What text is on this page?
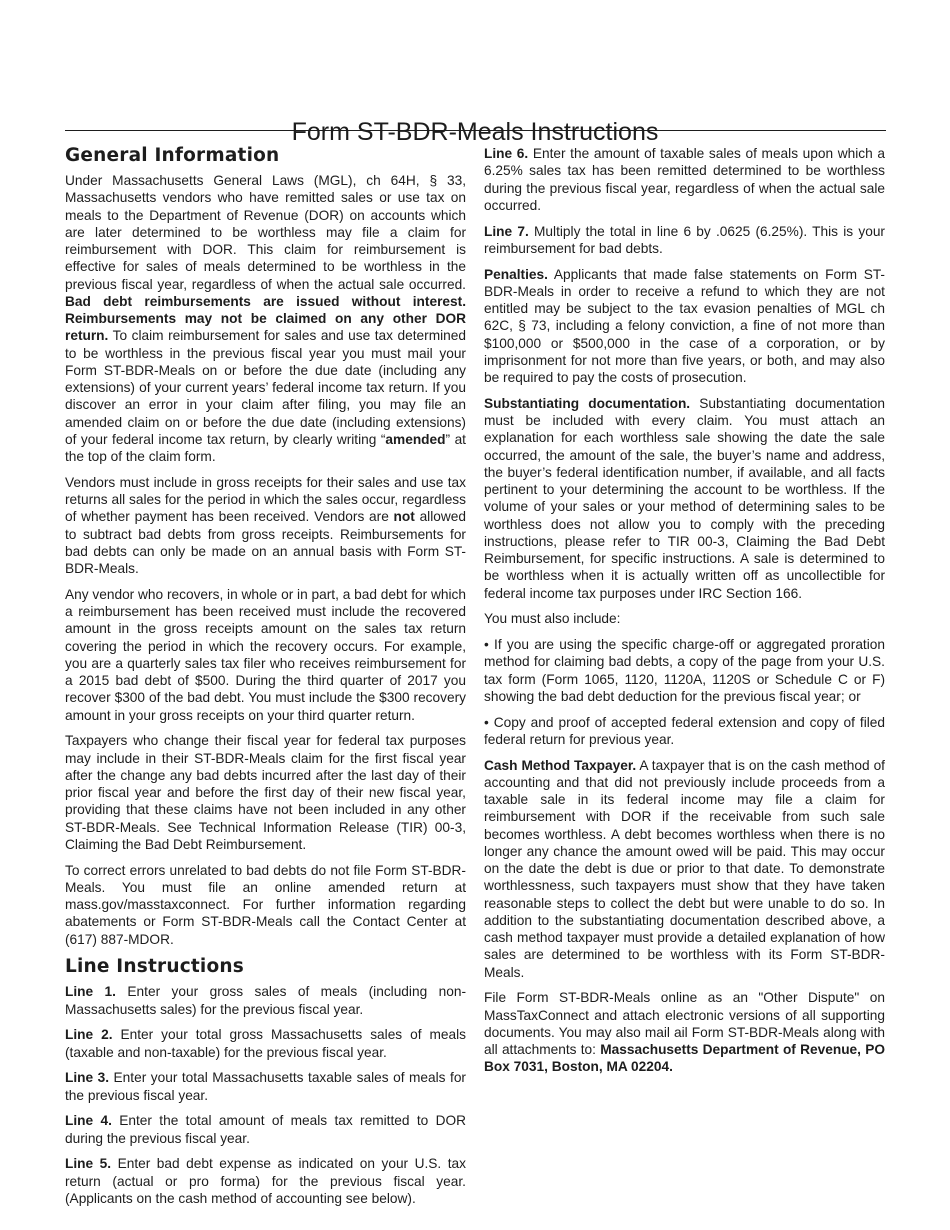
Form ST-BDR-Meals Instructions
General Information

Under Massachusetts General Laws (MGL), ch 64H, § 33, Massachusetts vendors who have remitted sales or use tax on meals to the Department of Revenue (DOR) on accounts which are later determined to be worthless may file a claim for reimbursement with DOR. This claim for reimbursement is effective for sales of meals determined to be worthless in the previous fiscal year, regardless of when the actual sale occurred. Bad debt reimbursements are issued without interest. Reimbursements may not be claimed on any other DOR return. To claim reimbursement for sales and use tax determined to be worthless in the previous fiscal year you must mail your Form ST-BDR-Meals on or before the due date (including any extensions) of your current years’ federal income tax return. If you discover an error in your claim after filing, you may file an amended claim on or before the due date (including extensions) of your federal income tax return, by clearly writing “amended” at the top of the claim form.

Vendors must include in gross receipts for their sales and use tax returns all sales for the period in which the sales occur, regardless of whether payment has been received. Vendors are not allowed to subtract bad debts from gross receipts. Reimbursements for bad debts can only be made on an annual basis with Form ST-BDR-Meals.

Any vendor who recovers, in whole or in part, a bad debt for which a reimbursement has been received must include the recovered amount in the gross receipts amount on the sales tax return covering the period in which the recovery occurs. For example, you are a quarterly sales tax filer who receives reimbursement for a 2015 bad debt of $500. During the third quarter of 2017 you recover $300 of the bad debt. You must include the $300 recovery amount in your gross receipts on your third quarter return.

Taxpayers who change their fiscal year for federal tax purposes may include in their ST-BDR-Meals claim for the first fiscal year after the change any bad debts incurred after the last day of their prior fiscal year and before the first day of their new fiscal year, providing that these claims have not been included in any other ST-BDR-Meals. See Technical Information Release (TIR) 00-3, Claiming the Bad Debt Reimbursement.

To correct errors unrelated to bad debts do not file Form ST-BDR-Meals. You must file an online amended return at mass.gov/masstaxconnect. For further information regarding abatements or Form ST-BDR-Meals call the Contact Center at (617) 887-MDOR.

Line Instructions

Line 1. Enter your gross sales of meals (including non-Massachusetts sales) for the previous fiscal year.

Line 2. Enter your total gross Massachusetts sales of meals (taxable and non-taxable) for the previous fiscal year.

Line 3. Enter your total Massachusetts taxable sales of meals for the previous fiscal year.

Line 4. Enter the total amount of meals tax remitted to DOR during the previous fiscal year.

Line 5. Enter bad debt expense as indicated on your U.S. tax return (actual or pro forma) for the previous fiscal year. (Applicants on the cash method of accounting see below).

Line 6. Enter the amount of taxable sales of meals upon which a 6.25% sales tax has been remitted determined to be worthless during the previous fiscal year, regardless of when the actual sale occurred.

Line 7. Multiply the total in line 6 by .0625 (6.25%). This is your reimbursement for bad debts.

Penalties. Applicants that made false statements on Form ST-BDR-Meals in order to receive a refund to which they are not entitled may be subject to the tax evasion penalties of MGL ch 62C, § 73, including a felony conviction, a fine of not more than $100,000 or $500,000 in the case of a corporation, or by imprisonment for not more than five years, or both, and may also be required to pay the costs of prosecution.

Substantiating documentation. Substantiating documentation must be included with every claim. You must attach an explanation for each worthless sale showing the date the sale occurred, the amount of the sale, the buyer’s name and address, the buyer’s federal identification number, if available, and all facts pertinent to your determining the account to be worthless. If the volume of your sales or your method of determining sales to be worthless does not allow you to comply with the preceding instructions, please refer to TIR 00-3, Claiming the Bad Debt Reimbursement, for specific instructions. A sale is determined to be worthless when it is actually written off as uncollectible for federal income tax purposes under IRC Section 166.

You must also include:

• If you are using the specific charge-off or aggregated proration method for claiming bad debts, a copy of the page from your U.S. tax form (Form 1065, 1120, 1120A, 1120S or Schedule C or F) showing the bad debt deduction for the previous fiscal year; or

• Copy and proof of accepted federal extension and copy of filed federal return for previous year.

Cash Method Taxpayer. A taxpayer that is on the cash method of accounting and that did not previously include proceeds from a taxable sale in its federal income may file a claim for reimbursement with DOR if the receivable from such sale becomes worthless. A debt becomes worthless when there is no longer any chance the amount owed will be paid. This may occur on the date the debt is due or prior to that date. To demonstrate worthlessness, such taxpayers must show that they have taken reasonable steps to collect the debt but were unable to do so. In addition to the substantiating documentation described above, a cash method taxpayer must provide a detailed explanation of how sales are determined to be worthless with its Form ST-BDR-Meals.

File Form ST-BDR-Meals online as an "Other Dispute" on MassTaxConnect and attach electronic versions of all supporting documents. You may also mail ail Form ST-BDR-Meals along with all attachments to: Massachusetts Department of Revenue, PO Box 7031, Boston, MA 02204.
